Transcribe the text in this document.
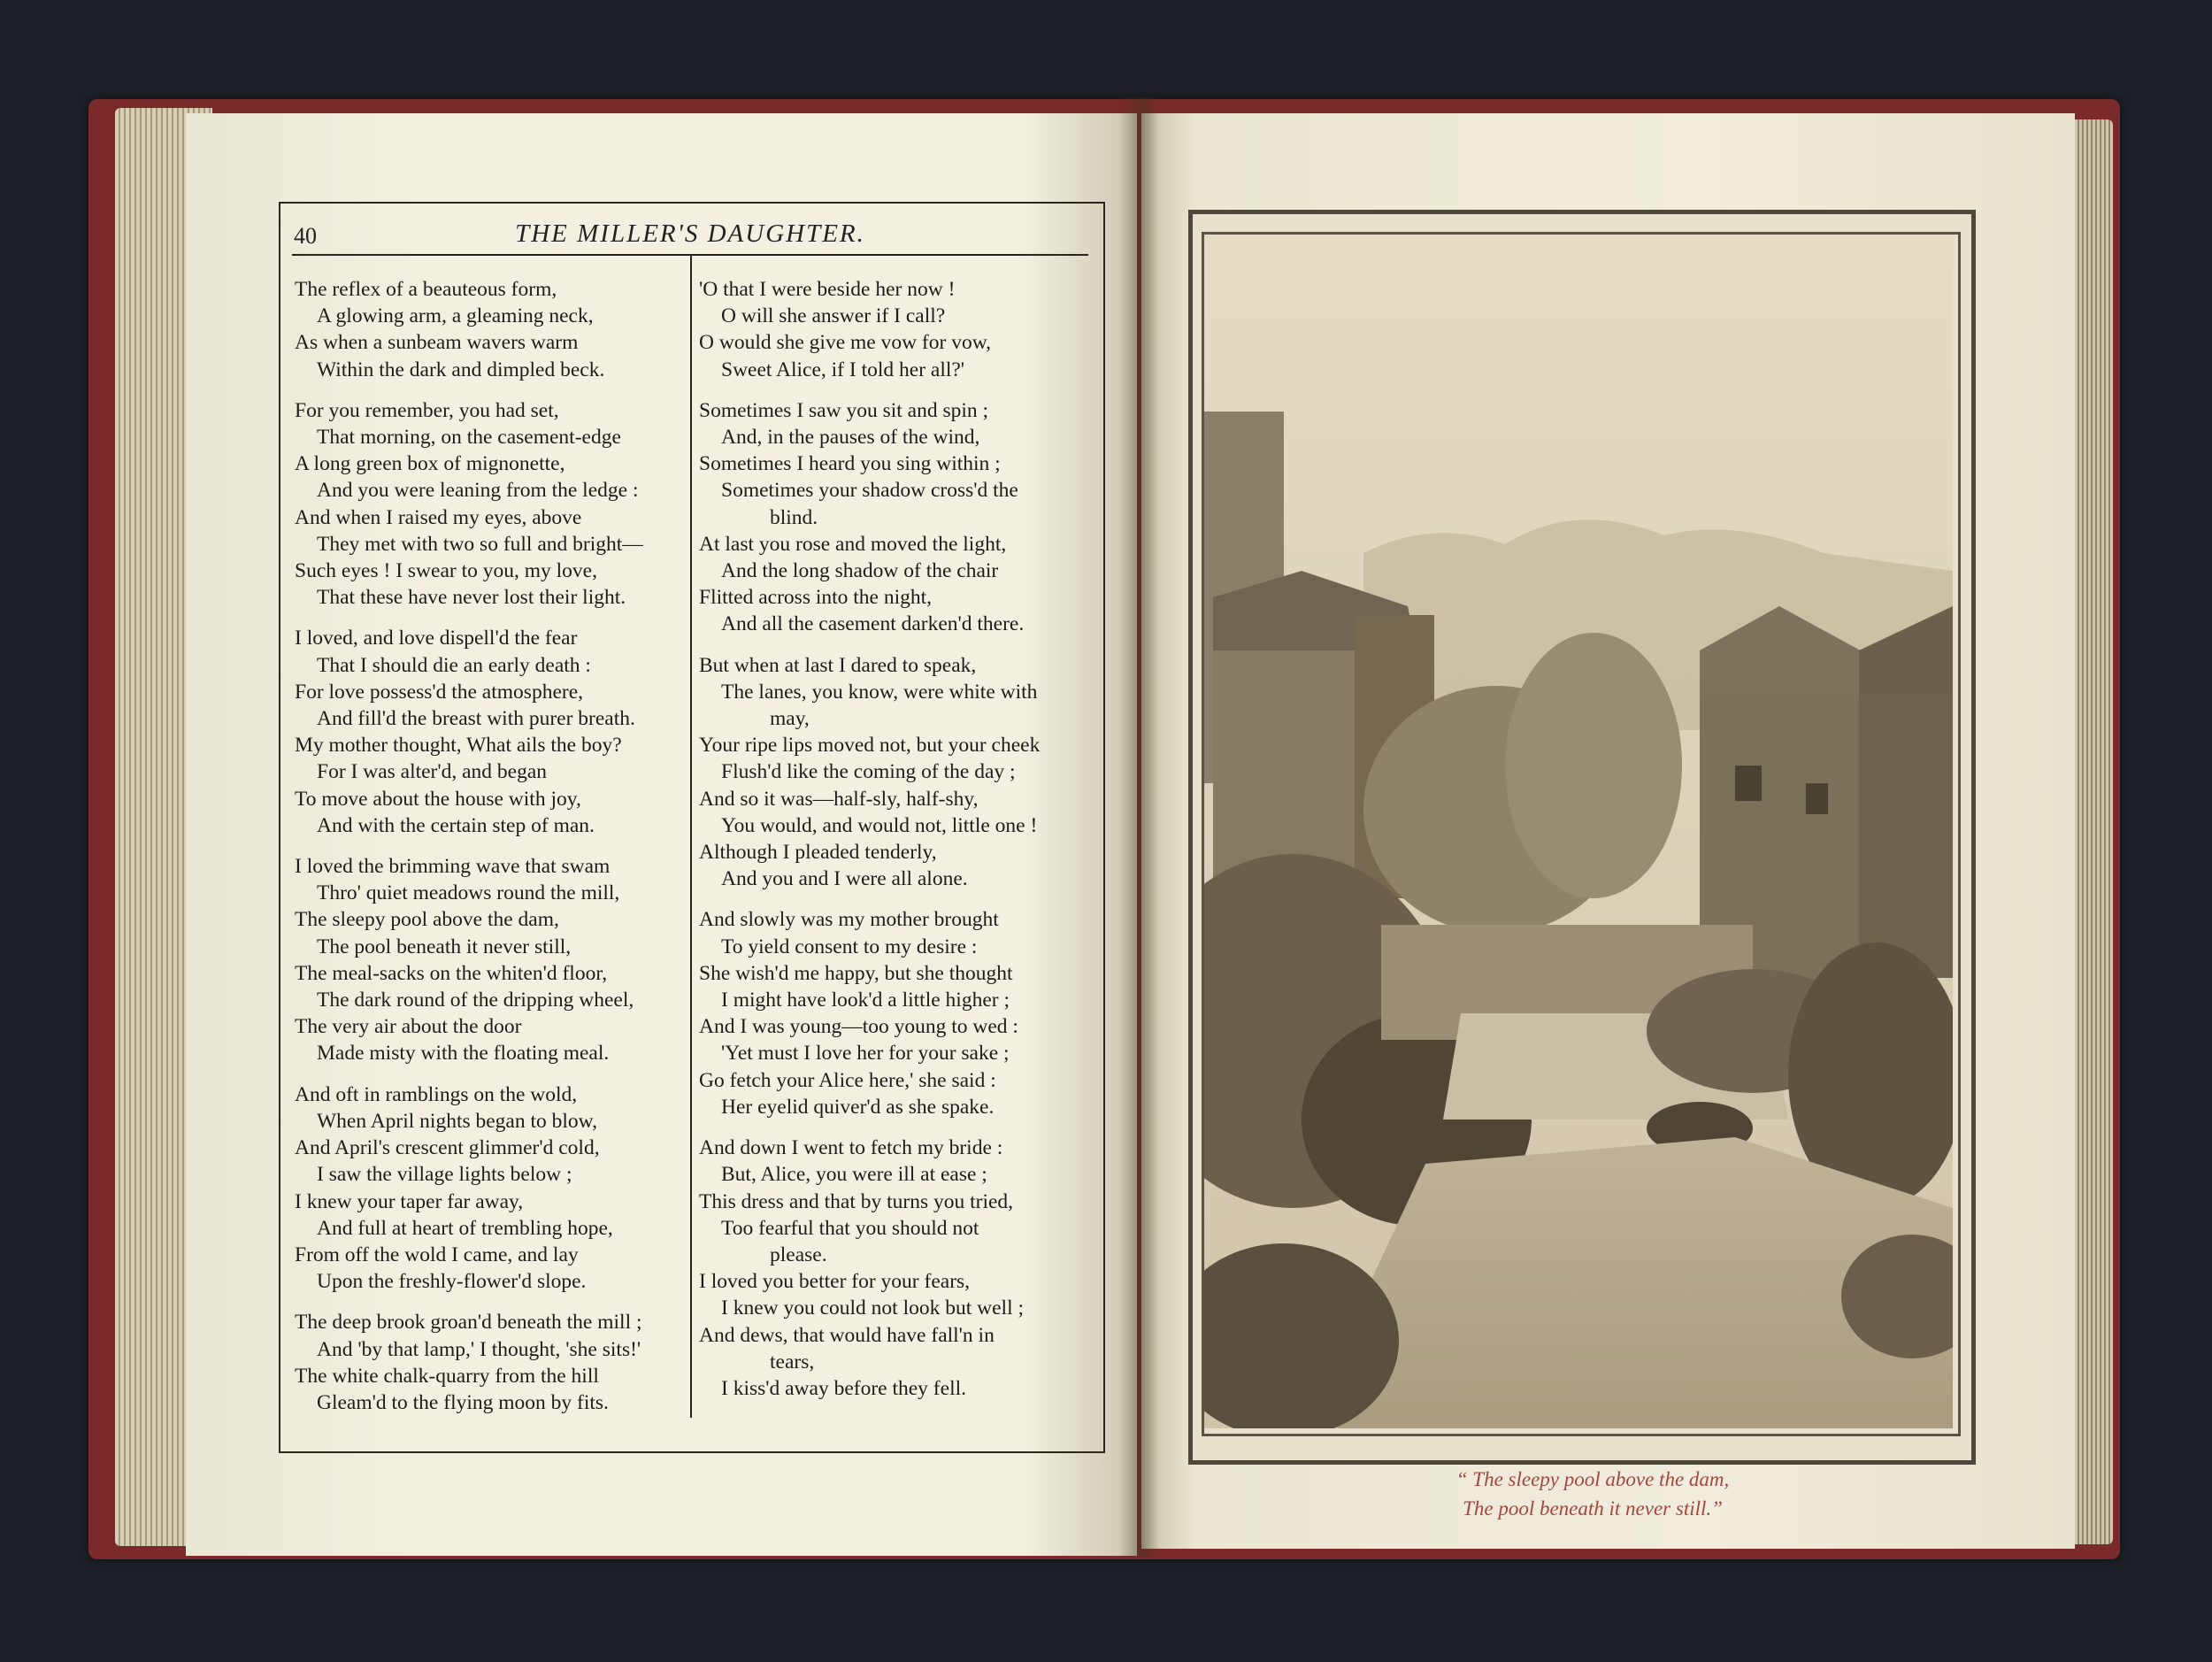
40	THE MILLER'S DAUGHTER.
The reflex of a beauteous form,
A glowing arm, a gleaming neck,
As when a sunbeam wavers warm
Within the dark and dimpled beck.
For you remember, you had set,
That morning, on the casement-edge
A long green box of mignonette,
And you were leaning from the ledge :
And when I raised my eyes, above
They met with two so full and bright—
Such eyes ! I swear to you, my love,
That these have never lost their light.
I loved, and love dispell'd the fear
That I should die an early death :
For love possess'd the atmosphere,
And fill'd the breast with purer breath.
My mother thought, What ails the boy?
For I was alter'd, and began
To move about the house with joy,
And with the certain step of man.
I loved the brimming wave that swam
Thro' quiet meadows round the mill,
The sleepy pool above the dam,
The pool beneath it never still,
The meal-sacks on the whiten'd floor,
The dark round of the dripping wheel,
The very air about the door
Made misty with the floating meal.
And oft in ramblings on the wold,
When April nights began to blow,
And April's crescent glimmer'd cold,
I saw the village lights below ;
I knew your taper far away,
And full at heart of trembling hope,
From off the wold I came, and lay
Upon the freshly-flower'd slope.
The deep brook groan'd beneath the mill ;
And 'by that lamp,' I thought, 'she sits!'
The white chalk-quarry from the hill
Gleam'd to the flying moon by fits.
'O that I were beside her now !
O will she answer if I call?
O would she give me vow for vow,
Sweet Alice, if I told her all?'
Sometimes I saw you sit and spin ;
And, in the pauses of the wind,
Sometimes I heard you sing within ;
Sometimes your shadow cross'd the
blind.
At last you rose and moved the light,
And the long shadow of the chair
Flitted across into the night,
And all the casement darken'd there.
But when at last I dared to speak,
The lanes, you know, were white with
may,
Your ripe lips moved not, but your cheek
Flush'd like the coming of the day ;
And so it was—half-sly, half-shy,
You would, and would not, little one !
Although I pleaded tenderly,
And you and I were all alone.
And slowly was my mother brought
To yield consent to my desire :
She wish'd me happy, but she thought
I might have look'd a little higher ;
And I was young—too young to wed :
'Yet must I love her for your sake ;
Go fetch your Alice here,' she said :
Her eyelid quiver'd as she spake.
And down I went to fetch my bride :
But, Alice, you were ill at ease ;
This dress and that by turns you tried,
Too fearful that you should not
please.
I loved you better for your fears,
I knew you could not look but well ;
And dews, that would have fall'n in
tears,
I kiss'd away before they fell.
“ The sleepy pool above the dam,
The pool beneath it never still.”
